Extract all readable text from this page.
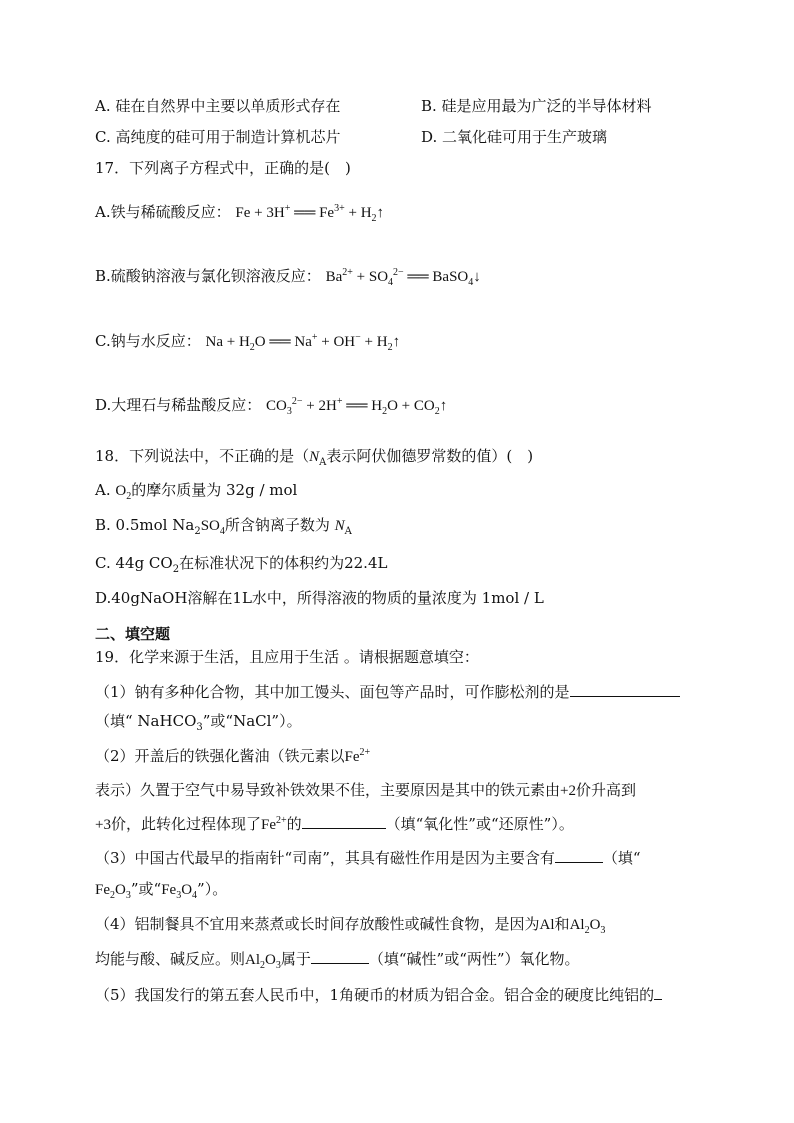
A. 硅在自然界中主要以单质形式存在	B. 硅是应用最为广泛的半导体材料
C. 高纯度的硅可用于制造计算机芯片	D. 二氧化硅可用于生产玻璃
17．下列离子方程式中，正确的是(　)
A.铁与稀硫酸反应： Fe + 3H+ ══ $Fe^{3+}$ + $H_2↑$
B.硫酸钠溶液与氯化钡溶液反应： $Ba^{2+} + SO_4^{2-}$ ══ BaSO$_4$↓
C.钠与水反应： $Na + H_2O$ ══ $Na^+ + OH^- + H_2↑$
D.大理石与稀盐酸反应： $CO_3^{2-} + 2H^+$ ══ $H_2O$ + $CO_2↑$
18．下列说法中，不正确的是（$N_A$表示阿伏伽德罗常数的值）(　)
A. $O_2$的摩尔质量为 32g / mol
B. 0.5mol $Na_2SO_4$所含钠离子数为 $N_A$
C. 44g $CO_2$在标准状况下的体积约为22.4L
D.40gNaOH溶解在1L水中，所得溶液的物质的量浓度为 1mol / L
二、填空题
19．化学来源于生活，且应用于生活 。请根据题意填空：
（1）钠有多种化合物，其中加工馒头、面包等产品时，可作膨松剂的是
（填“ NaHCO$_3$”或“NaCl”）。
（2）开盖后的铁强化酱油（铁元素以$Fe^{2+}$
表示）久置于空气中易导致补铁效果不佳，主要原因是其中的铁元素由+2价升高到
+3价，此转化过程体现了$Fe^{2+}$的	（填“氧化性”或“还原性”）。
（3）中国古代最早的指南针“司南”，其具有磁性作用是因为主要含有	（填“
$Fe_2O_3$”或“$Fe_3O_4$”）。
（4）铝制餐具不宜用来蒸煮或长时间存放酸性或碱性食物，是因为Al和$Al_2O_3$
均能与酸、碱反应。则$Al_2O_3$属于	（填“碱性”或“两性”）氧化物。
（5）我国发行的第五套人民币中，1角硬币的材质为铝合金。铝合金的硬度比纯铝的
